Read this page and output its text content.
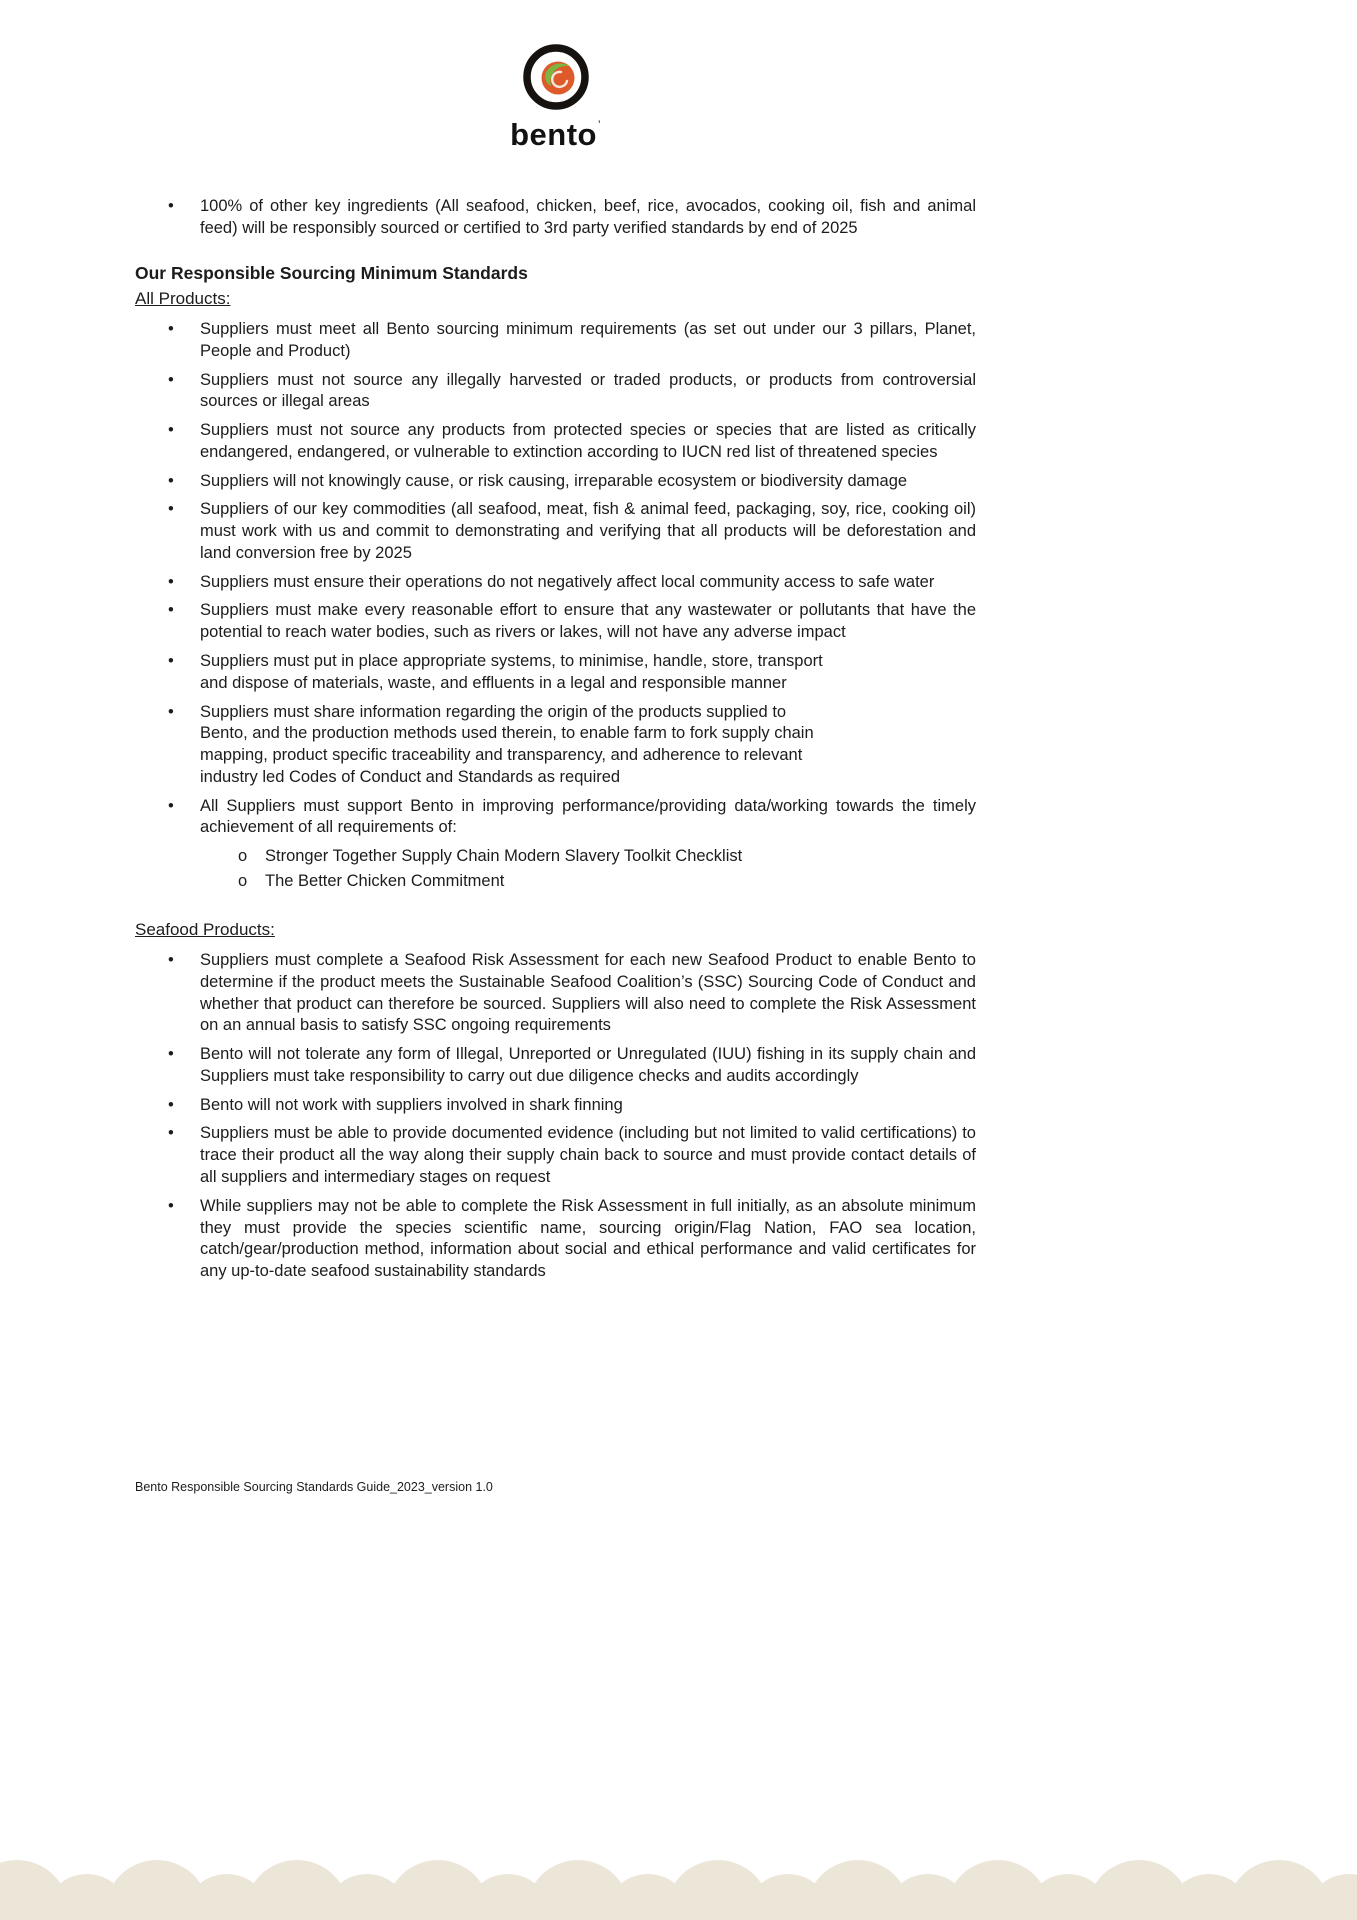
bento ’
•	100% of other key ingredients (All seafood, chicken, beef, rice, avocados, cooking oil, fish and animal feed) will be responsibly sourced or certified to 3rd party verified standards by end of 2025
Our Responsible Sourcing Minimum Standards
All Products:
•	Suppliers must meet all Bento sourcing minimum requirements (as set out under our 3 pillars, Planet, People and Product)
•	Suppliers must not source any illegally harvested or traded products, or products from controversial sources or illegal areas
•	Suppliers must not source any products from protected species or species that are listed as critically endangered, endangered, or vulnerable to extinction according to IUCN red list of threatened species
•	Suppliers will not knowingly cause, or risk causing, irreparable ecosystem or biodiversity damage
•	Suppliers of our key commodities (all seafood, meat, fish & animal feed, packaging, soy, rice, cooking oil) must work with us and commit to demonstrating and verifying that all products will be deforestation and land conversion free by 2025
•	Suppliers must ensure their operations do not negatively affect local community access to safe water
•	Suppliers must make every reasonable effort to ensure that any wastewater or pollutants that have the potential to reach water bodies, such as rivers or lakes, will not have any adverse impact
•	Suppliers must put in place appropriate systems, to minimise, handle, store, transport
and dispose of materials, waste, and effluents in a legal and responsible manner
•	Suppliers must share information regarding the origin of the products supplied to
Bento, and the production methods used therein, to enable farm to fork supply chain
mapping, product specific traceability and transparency, and adherence to relevant
industry led Codes of Conduct and Standards as required
•	All Suppliers must support Bento in improving performance/providing data/working towards the timely achievement of all requirements of:
o	Stronger Together Supply Chain Modern Slavery Toolkit Checklist
o	The Better Chicken Commitment
Seafood Products:
•	Suppliers must complete a Seafood Risk Assessment for each new Seafood Product to enable Bento to determine if the product meets the Sustainable Seafood Coalition’s (SSC) Sourcing Code of Conduct and whether that product can therefore be sourced. Suppliers will also need to complete the Risk Assessment on an annual basis to satisfy SSC ongoing requirements
•	Bento will not tolerate any form of Illegal, Unreported or Unregulated (IUU) fishing in its supply chain and Suppliers must take responsibility to carry out due diligence checks and audits accordingly
•	Bento will not work with suppliers involved in shark finning
•	Suppliers must be able to provide documented evidence (including but not limited to valid certifications) to trace their product all the way along their supply chain back to source and must provide contact details of all suppliers and intermediary stages on request
•	While suppliers may not be able to complete the Risk Assessment in full initially, as an absolute minimum they must provide the species scientific name, sourcing origin/Flag Nation, FAO sea location, catch/gear/production method, information about social and ethical performance and valid certificates for any up-to-date seafood sustainability standards
Bento Responsible Sourcing Standards Guide_2023_version 1.0
